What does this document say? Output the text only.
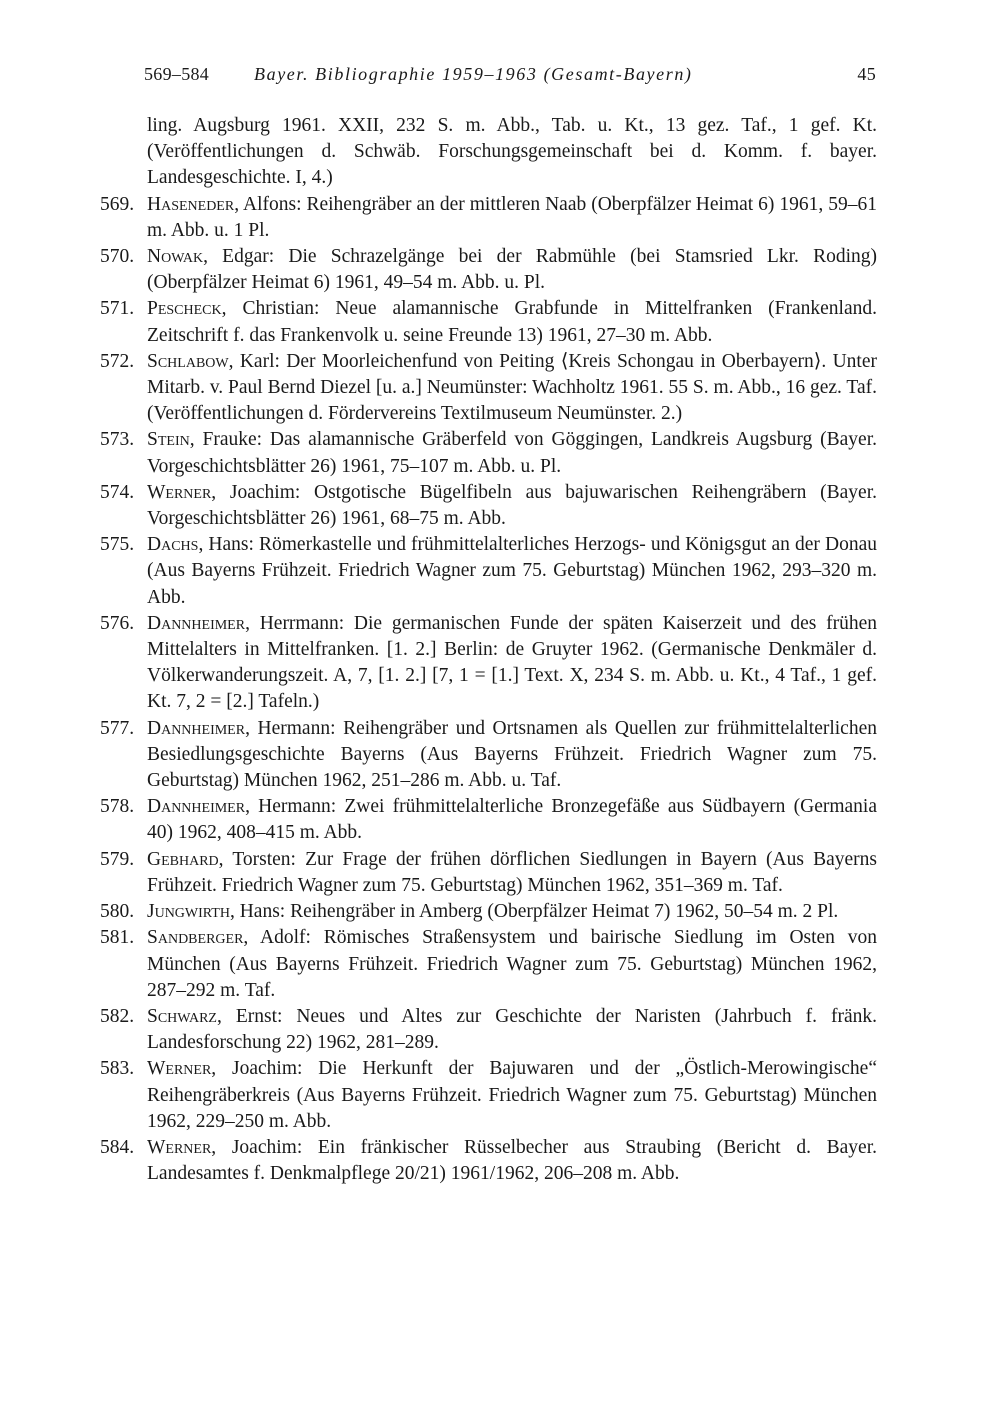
569–584 Bayer. Bibliographie 1959–1963 (Gesamt-Bayern)	45
ling. Augsburg 1961. XXII, 232 S. m. Abb., Tab. u. Kt., 13 gez. Taf., 1 gef. Kt. (Veröffentlichungen d. Schwäb. Forschungsgemeinschaft bei d. Komm. f. bayer. Landesgeschichte. I, 4.)
569. Haseneder, Alfons: Reihengräber an der mittleren Naab (Oberpfälzer Heimat 6) 1961, 59–61 m. Abb. u. 1 Pl.
570. Nowak, Edgar: Die Schrazelgänge bei der Rabmühle (bei Stamsried Lkr. Roding) (Oberpfälzer Heimat 6) 1961, 49–54 m. Abb. u. Pl.
571. Pescheck, Christian: Neue alamannische Grabfunde in Mittelfranken (Frankenland. Zeitschrift f. das Frankenvolk u. seine Freunde 13) 1961, 27–30 m. Abb.
572. Schlabow, Karl: Der Moorleichenfund von Peiting ⟨Kreis Schongau in Oberbayern⟩. Unter Mitarb. v. Paul Bernd Diezel [u. a.] Neumünster: Wachholtz 1961. 55 S. m. Abb., 16 gez. Taf. (Veröffentlichungen d. Fördervereins Textilmuseum Neumünster. 2.)
573. Stein, Frauke: Das alamannische Gräberfeld von Göggingen, Landkreis Augsburg (Bayer. Vorgeschichtsblätter 26) 1961, 75–107 m. Abb. u. Pl.
574. Werner, Joachim: Ostgotische Bügelfibeln aus bajuwarischen Reihengräbern (Bayer. Vorgeschichtsblätter 26) 1961, 68–75 m. Abb.
575. Dachs, Hans: Römerkastelle und frühmittelalterliches Herzogs- und Königsgut an der Donau (Aus Bayerns Frühzeit. Friedrich Wagner zum 75. Geburtstag) München 1962, 293–320 m. Abb.
576. Dannheimer, Herrmann: Die germanischen Funde der späten Kaiserzeit und des frühen Mittelalters in Mittelfranken. [1. 2.] Berlin: de Gruyter 1962. (Germanische Denkmäler d. Völkerwanderungszeit. A, 7, [1. 2.] [7, 1 = [1.] Text. X, 234 S. m. Abb. u. Kt., 4 Taf., 1 gef. Kt. 7, 2 = [2.] Tafeln.)
577. Dannheimer, Hermann: Reihengräber und Ortsnamen als Quellen zur frühmittelalterlichen Besiedlungsgeschichte Bayerns (Aus Bayerns Frühzeit. Friedrich Wagner zum 75. Geburtstag) München 1962, 251–286 m. Abb. u. Taf.
578. Dannheimer, Hermann: Zwei frühmittelalterliche Bronzegefäße aus Südbayern (Germania 40) 1962, 408–415 m. Abb.
579. Gebhard, Torsten: Zur Frage der frühen dörflichen Siedlungen in Bayern (Aus Bayerns Frühzeit. Friedrich Wagner zum 75. Geburtstag) München 1962, 351–369 m. Taf.
580. Jungwirth, Hans: Reihengräber in Amberg (Oberpfälzer Heimat 7) 1962, 50–54 m. 2 Pl.
581. Sandberger, Adolf: Römisches Straßensystem und bairische Siedlung im Osten von München (Aus Bayerns Frühzeit. Friedrich Wagner zum 75. Geburtstag) München 1962, 287–292 m. Taf.
582. Schwarz, Ernst: Neues und Altes zur Geschichte der Naristen (Jahrbuch f. fränk. Landesforschung 22) 1962, 281–289.
583. Werner, Joachim: Die Herkunft der Bajuwaren und der „Östlich-Merowingische“ Reihengräberkreis (Aus Bayerns Frühzeit. Friedrich Wagner zum 75. Geburtstag) München 1962, 229–250 m. Abb.
584. Werner, Joachim: Ein fränkischer Rüsselbecher aus Straubing (Bericht d. Bayer. Landesamtes f. Denkmalpflege 20/21) 1961/1962, 206–208 m. Abb.
